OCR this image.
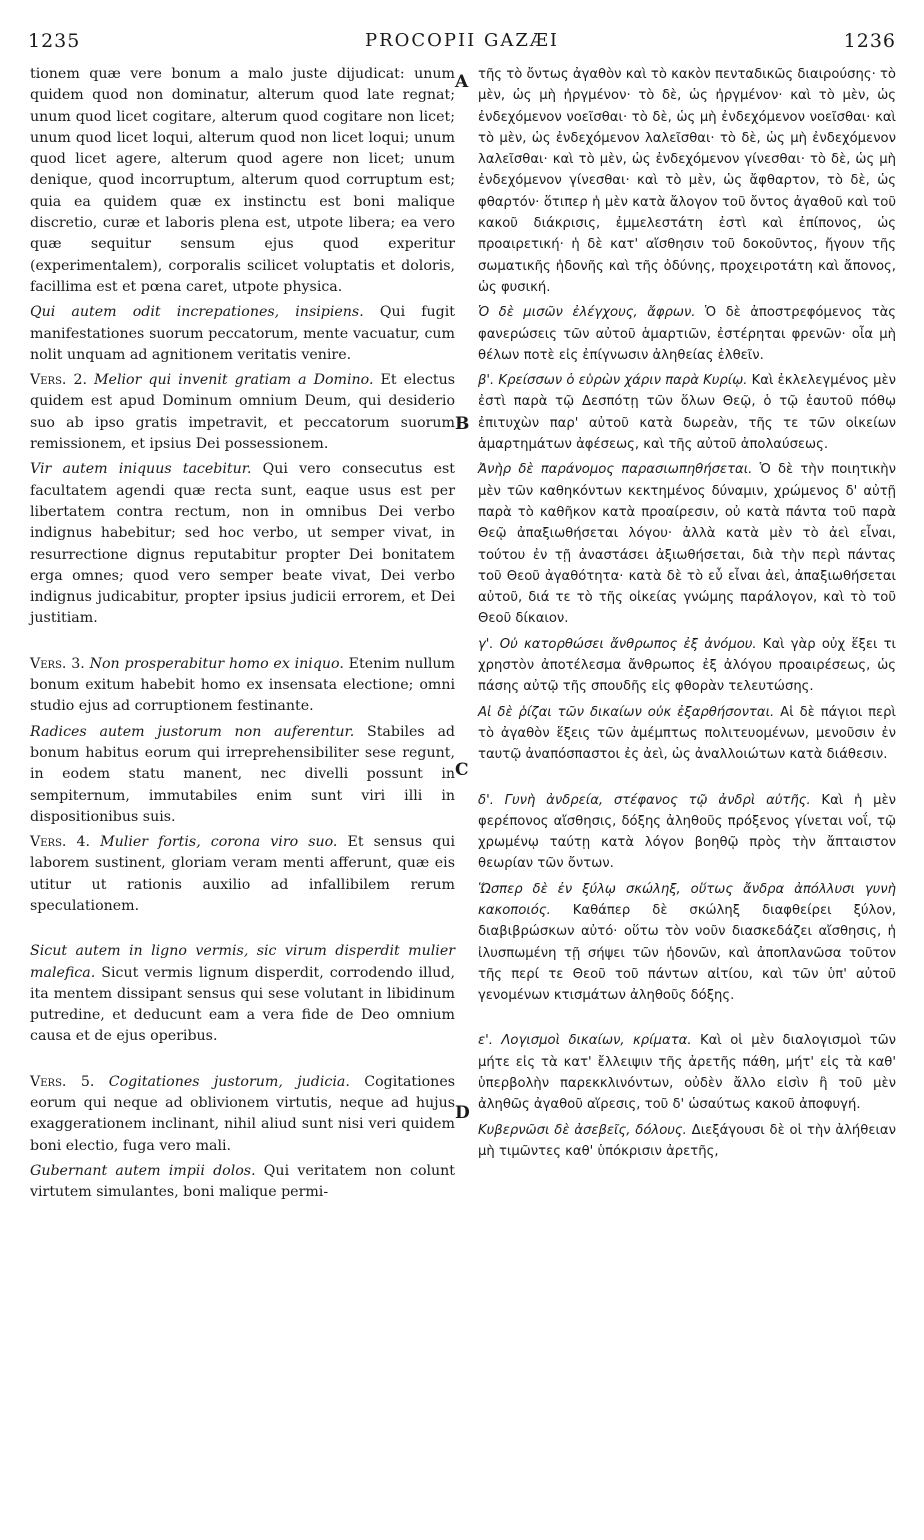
1235	PROCOPII GAZÆI	1236
A
B
C
D

tionem quæ vere bonum a malo juste dijudicat: unum quidem quod non dominatur, alterum quod late regnat; unum quod licet cogitare, alterum quod cogitare non licet; unum quod licet loqui, alterum quod non licet loqui; unum quod licet agere, alterum quod agere non licet; unum denique, quod incorruptum, alterum quod corruptum est; quia ea quidem quæ ex instinctu est boni malique discretio, curæ et laboris plena est, utpote libera; ea vero quæ sequitur sensum ejus quod experitur (experimentalem), corporalis scilicet voluptatis et doloris, facillima est et pœna caret, utpote physica.

Qui autem odit increpationes, insipiens. Qui fugit manifestationes suorum peccatorum, mente vacuatur, cum nolit unquam ad agnitionem veritatis venire.

Vers. 2. Melior qui invenit gratiam a Domino. Et electus quidem est apud Dominum omnium Deum, qui desiderio suo ab ipso gratis impetravit, et peccatorum suorum remissionem, et ipsius Dei possessionem.

Vir autem iniquus tacebitur. Qui vero consecutus est facultatem agendi quæ recta sunt, eaque usus est per libertatem contra rectum, non in omnibus Dei verbo indignus habebitur; sed hoc verbo, ut semper vivat, in resurrectione dignus reputabitur propter Dei bonitatem erga omnes; quod vero semper beate vivat, Dei verbo indignus judicabitur, propter ipsius judicii errorem, et Dei justitiam.

Vers. 3. Non prosperabitur homo ex iniquo. Etenim nullum bonum exitum habebit homo ex insensata electione; omni studio ejus ad corruptionem festinante.

Radices autem justorum non auferentur. Stabiles ad bonum habitus eorum qui irreprehensibiliter sese regunt, in eodem statu manent, nec divelli possunt in sempiternum, immutabiles enim sunt viri illi in dispositionibus suis.

Vers. 4. Mulier fortis, corona viro suo. Et sensus qui laborem sustinent, gloriam veram menti afferunt, quæ eis utitur ut rationis auxilio ad infallibilem rerum speculationem.

Sicut autem in ligno vermis, sic virum disperdit mulier malefica. Sicut vermis lignum disperdit, corrodendo illud, ita mentem dissipant sensus qui sese volutant in libidinum putredine, et deducunt eam a vera fide de Deo omnium causa et de ejus operibus.

Vers. 5. Cogitationes justorum, judicia. Cogitationes eorum qui neque ad oblivionem virtutis, neque ad hujus exaggerationem inclinant, nihil aliud sunt nisi veri quidem boni electio, fuga vero mali.

Gubernant autem impii dolos. Qui veritatem non colunt virtutem simulantes, boni malique permi-

τῆς τὸ ὄντως ἀγαθὸν καὶ τὸ κακὸν πενταδικῶς διαιρούσης· τὸ μὲν, ὡς μὴ ἠργμένον· τὸ δὲ, ὡς ἠργμένον· καὶ τὸ μὲν, ὡς ἐνδεχόμενον νοεῖσθαι· τὸ δὲ, ὡς μὴ ἐνδεχόμενον νοεῖσθαι· καὶ τὸ μὲν, ὡς ἐνδεχόμενον λαλεῖσθαι· τὸ δὲ, ὡς μὴ ἐνδεχόμενον λαλεῖσθαι· καὶ τὸ μὲν, ὡς ἐνδεχόμενον γίνεσθαι· τὸ δὲ, ὡς μὴ ἐνδεχόμενον γίνεσθαι· καὶ τὸ μὲν, ὡς ἄφθαρτον, τὸ δὲ, ὡς φθαρτόν· ὅτιπερ ἡ μὲν κατὰ ἄλογον τοῦ ὄντος ἀγαθοῦ καὶ τοῦ κακοῦ διάκρισις, ἐμμελεστάτη ἐστὶ καὶ ἐπίπονος, ὡς προαιρετική· ἡ δὲ κατ' αἴσθησιν τοῦ δοκοῦντος, ἤγουν τῆς σωματικῆς ἡδονῆς καὶ τῆς ὀδύνης, προχειροτάτη καὶ ἄπονος, ὡς φυσική.

Ὁ δὲ μισῶν ἐλέγχους, ἄφρων. Ὁ δὲ ἀποστρεφόμενος τὰς φανερώσεις τῶν αὐτοῦ ἁμαρτιῶν, ἐστέρηται φρενῶν· οἷα μὴ θέλων ποτὲ εἰς ἐπίγνωσιν ἀληθείας ἐλθεῖν.

β'. Κρείσσων ὁ εὑρὼν χάριν παρὰ Κυρίῳ. Καὶ ἐκλελεγμένος μὲν ἐστὶ παρὰ τῷ Δεσπότῃ τῶν ὅλων Θεῷ, ὁ τῷ ἑαυτοῦ πόθῳ ἐπιτυχὼν παρ' αὐτοῦ κατὰ δωρεὰν, τῆς τε τῶν οἰκείων ἁμαρτημάτων ἀφέσεως, καὶ τῆς αὐτοῦ ἀπολαύσεως.

Ἀνὴρ δὲ παράνομος παρασιωπηθήσεται. Ὁ δὲ τὴν ποιητικὴν μὲν τῶν καθηκόντων κεκτημένος δύναμιν, χρώμενος δ' αὐτῇ παρὰ τὸ καθῆκον κατὰ προαίρεσιν, οὐ κατὰ πάντα τοῦ παρὰ Θεῷ ἀπαξιωθήσεται λόγου· ἀλλὰ κατὰ μὲν τὸ ἀεὶ εἶναι, τούτου ἐν τῇ ἀναστάσει ἀξιωθήσεται, διὰ τὴν περὶ πάντας τοῦ Θεοῦ ἀγαθότητα· κατὰ δὲ τὸ εὖ εἶναι ἀεὶ, ἀπαξιωθήσεται αὐτοῦ, διά τε τὸ τῆς οἰκείας γνώμης παράλογον, καὶ τὸ τοῦ Θεοῦ δίκαιον.

γ'. Οὐ κατορθώσει ἄνθρωπος ἐξ ἀνόμου. Καὶ γὰρ οὐχ ἕξει τι χρηστὸν ἀποτέλεσμα ἄνθρωπος ἐξ ἀλόγου προαιρέσεως, ὡς πάσης αὐτῷ τῆς σπουδῆς εἰς φθορὰν τελευτώσης.

Αἱ δὲ ῥίζαι τῶν δικαίων οὐκ ἐξαρθήσονται. Αἱ δὲ πάγιοι περὶ τὸ ἀγαθὸν ἕξεις τῶν ἀμέμπτως πολιτευομένων, μενοῦσιν ἐν ταυτῷ ἀναπόσπαστοι ἐς ἀεὶ, ὡς ἀναλλοιώτων κατὰ διάθεσιν.

δ'. Γυνὴ ἀνδρεία, στέφανος τῷ ἀνδρὶ αὐτῆς. Καὶ ἡ μὲν φερέπονος αἴσθησις, δόξης ἀληθοῦς πρόξενος γίνεται νοΐ, τῷ χρωμένῳ ταύτῃ κατὰ λόγον βοηθῷ πρὸς τὴν ἄπταιστον θεωρίαν τῶν ὄντων.

Ὥσπερ δὲ ἐν ξύλῳ σκώληξ, οὕτως ἄνδρα ἀπόλλυσι γυνὴ κακοποιός. Καθάπερ δὲ σκώληξ διαφθείρει ξύλον, διαβιβρώσκων αὐτό· οὕτω τὸν νοῦν διασκεδάζει αἴσθησις, ἡ ἰλυσπωμένη τῇ σήψει τῶν ἡδονῶν, καὶ ἀποπλανῶσα τοῦτον τῆς περί τε Θεοῦ τοῦ πάντων αἰτίου, καὶ τῶν ὑπ' αὐτοῦ γενομένων κτισμάτων ἀληθοῦς δόξης.

ε'. Λογισμοὶ δικαίων, κρίματα. Καὶ οἱ μὲν διαλογισμοὶ τῶν μήτε εἰς τὰ κατ' ἔλλειψιν τῆς ἀρετῆς πάθη, μήτ' εἰς τὰ καθ' ὑπερβολὴν παρεκκλινόντων, οὐδὲν ἄλλο εἰσὶν ἢ τοῦ μὲν ἀληθῶς ἀγαθοῦ αἵρεσις, τοῦ δ' ὡσαύτως κακοῦ ἀποφυγή.

Κυβερνῶσι δὲ ἀσεβεῖς, δόλους. Διεξάγουσι δὲ οἱ τὴν ἀλήθειαν μὴ τιμῶντες καθ' ὑπόκρισιν ἀρετῆς,
